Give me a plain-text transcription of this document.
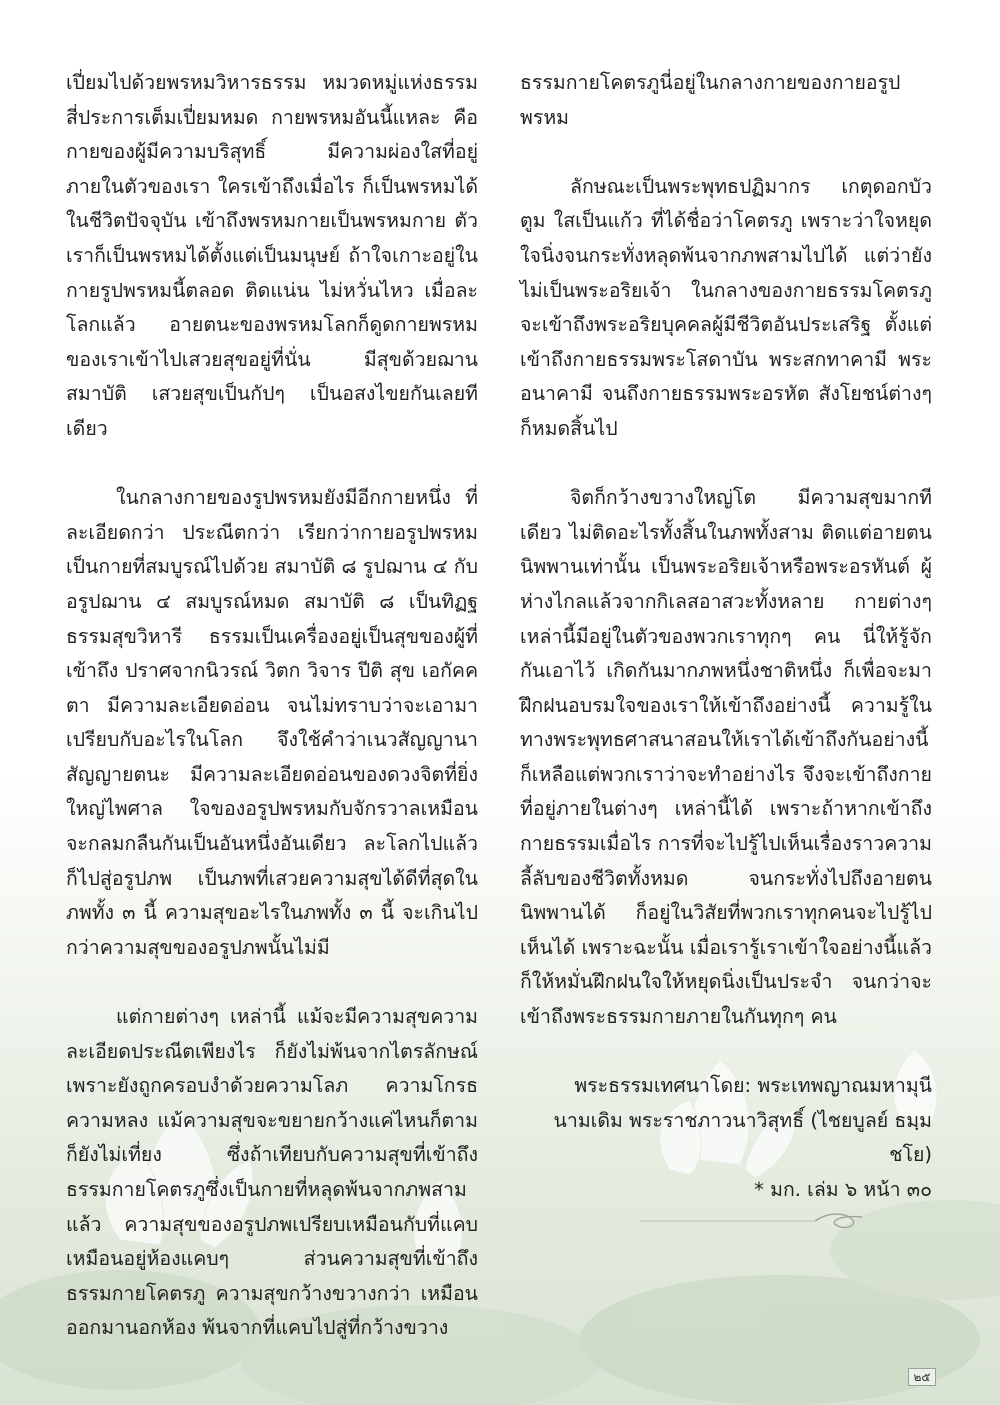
เปี่ยมไปด้วยพรหมวิหารธรรม หมวดหมู่แห่งธรรมสี่ประการเต็มเปี่ยมหมด กายพรหมอันนี้แหละ คือกายของผู้มีความบริสุทธิ์ มีความผ่องใสที่อยู่ภายในตัวของเรา ใครเข้าถึงเมื่อไร ก็เป็นพรหมได้ในชีวิตปัจจุบัน เข้าถึงพรหมกายเป็นพรหมกาย ตัวเราก็เป็นพรหมได้ตั้งแต่เป็นมนุษย์ ถ้าใจเกาะอยู่ในกายรูปพรหมนี้ตลอด ติดแน่น ไม่หวั่นไหว เมื่อละโลกแล้ว อายตนะของพรหมโลกก็ดูดกายพรหมของเราเข้าไปเสวยสุขอยู่ที่นั่น มีสุขด้วยฌานสมาบัติ เสวยสุขเป็นกัปๆ เป็นอสงไขยกันเลยทีเดียว

ในกลางกายของรูปพรหมยังมีอีกกายหนึ่ง ที่ละเอียดกว่า ประณีตกว่า เรียกว่ากายอรูปพรหม เป็นกายที่สมบูรณ์ไปด้วย สมาบัติ ๘ รูปฌาน ๔ กับอรูปฌาน ๔ สมบูรณ์หมด สมาบัติ ๘ เป็นทิฏฐธรรมสุขวิหารี ธรรมเป็นเครื่องอยู่เป็นสุขของผู้ที่เข้าถึง ปราศจากนิวรณ์ วิตก วิจาร ปีติ สุข เอกัคคตา มีความละเอียดอ่อน จนไม่ทราบว่าจะเอามาเปรียบกับอะไรในโลก จึงใช้คำว่าเนวสัญญานาสัญญายตนะ มีความละเอียดอ่อนของดวงจิตที่ยิ่งใหญ่ไพศาล ใจของอรูปพรหมกับจักรวาลเหมือนจะกลมกลืนกันเป็นอันหนึ่งอันเดียว ละโลกไปแล้วก็ไปสู่อรูปภพ เป็นภพที่เสวยความสุขได้ดีที่สุดในภพทั้ง ๓ นี้ ความสุขอะไรในภพทั้ง ๓ นี้ จะเกินไปกว่าความสุขของอรูปภพนั้นไม่มี

แต่กายต่างๆ เหล่านี้ แม้จะมีความสุขความละเอียดประณีตเพียงไร ก็ยังไม่พ้นจากไตรลักษณ์ เพราะยังถูกครอบงำด้วยความโลภ ความโกรธ ความหลง แม้ความสุขจะขยายกว้างแค่ไหนก็ตาม ก็ยังไม่เที่ยง ซึ่งถ้าเทียบกับความสุขที่เข้าถึงธรรมกายโคตรภูซึ่งเป็นกายที่หลุดพ้นจากภพสามแล้ว ความสุขของอรูปภพเปรียบเหมือนกับที่แคบ เหมือนอยู่ห้องแคบๆ ส่วนความสุขที่เข้าถึงธรรมกายโคตรภู ความสุขกว้างขวางกว่า เหมือนออกมานอกห้อง พ้นจากที่แคบไปสู่ที่กว้างขวาง

ธรรมกายโคตรภูนี่อยู่ในกลางกายของกายอรูปพรหม

ลักษณะเป็นพระพุทธปฏิมากร เกตุดอกบัวตูม ใสเป็นแก้ว ที่ได้ชื่อว่าโคตรภู เพราะว่าใจหยุดใจนิ่งจนกระทั่งหลุดพ้นจากภพสามไปได้ แต่ว่ายังไม่เป็นพระอริยเจ้า ในกลางของกายธรรมโคตรภูจะเข้าถึงพระอริยบุคคลผู้มีชีวิตอันประเสริฐ ตั้งแต่เข้าถึงกายธรรมพระโสดาบัน พระสกทาคามี พระอนาคามี จนถึงกายธรรมพระอรหัต สังโยชน์ต่างๆ ก็หมดสิ้นไป

จิตก็กว้างขวางใหญ่โต มีความสุขมากทีเดียว ไม่ติดอะไรทั้งสิ้นในภพทั้งสาม ติดแต่อายตนนิพพานเท่านั้น เป็นพระอริยเจ้าหรือพระอรหันต์ ผู้ห่างไกลแล้วจากกิเลสอาสวะทั้งหลาย กายต่างๆ เหล่านี้มีอยู่ในตัวของพวกเราทุกๆ คน นี่ให้รู้จักกันเอาไว้ เกิดกันมากภพหนึ่งชาติหนึ่ง ก็เพื่อจะมาฝึกฝนอบรมใจของเราให้เข้าถึงอย่างนี้ ความรู้ในทางพระพุทธศาสนาสอนให้เราได้เข้าถึงกันอย่างนี้ ก็เหลือแต่พวกเราว่าจะทำอย่างไร จึงจะเข้าถึงกายที่อยู่ภายในต่างๆ เหล่านี้ได้ เพราะถ้าหากเข้าถึงกายธรรมเมื่อไร การที่จะไปรู้ไปเห็นเรื่องราวความลี้ลับของชีวิตทั้งหมด จนกระทั่งไปถึงอายตนนิพพานได้ ก็อยู่ในวิสัยที่พวกเราทุกคนจะไปรู้ไปเห็นได้ เพราะฉะนั้น เมื่อเรารู้เราเข้าใจอย่างนี้แล้ว ก็ให้หมั่นฝึกฝนใจให้หยุดนิ่งเป็นประจำ จนกว่าจะเข้าถึงพระธรรมกายภายในกันทุกๆ คน

พระธรรมเทศนาโดย: พระเทพญาณมหามุนี
นามเดิม พระราชภาวนาวิสุทธิ์ (ไชยบูลย์ ธมฺมชโย)
* มก. เล่ม ๖ หน้า ๓๐
๒๕
